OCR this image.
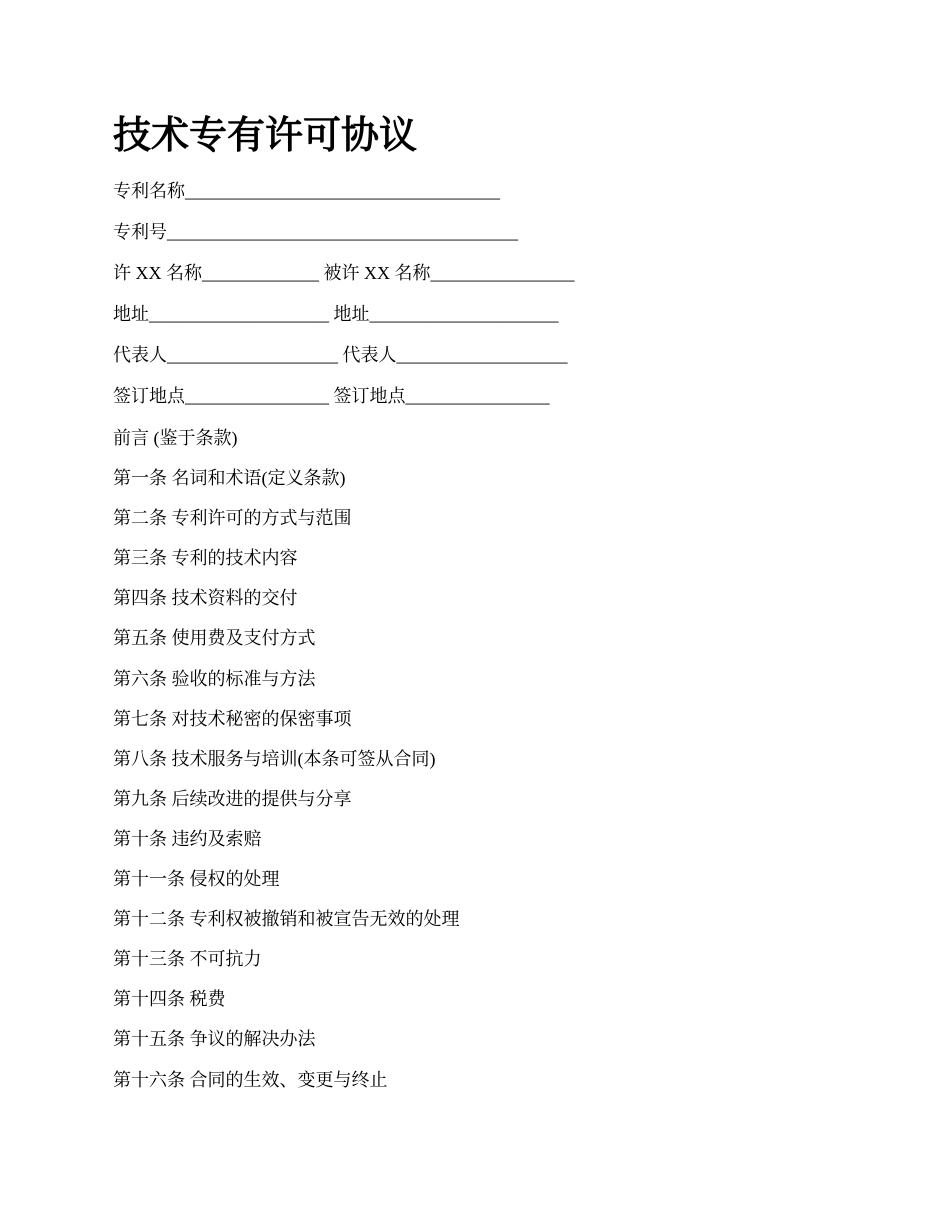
技术专有许可协议
专利名称___________________________________
专利号_______________________________________
许 XX 名称_____________ 被许 XX 名称________________
地址____________________ 地址_____________________
代表人___________________ 代表人___________________
签订地点________________ 签订地点________________
前言 (鉴于条款)
第一条 名词和术语(定义条款)
第二条 专利许可的方式与范围
第三条 专利的技术内容
第四条 技术资料的交付
第五条 使用费及支付方式
第六条 验收的标准与方法
第七条 对技术秘密的保密事项
第八条 技术服务与培训(本条可签从合同)
第九条 后续改进的提供与分享
第十条 违约及索赔
第十一条 侵权的处理
第十二条 专利权被撤销和被宣告无效的处理
第十三条 不可抗力
第十四条 税费
第十五条 争议的解决办法
第十六条 合同的生效、变更与终止
